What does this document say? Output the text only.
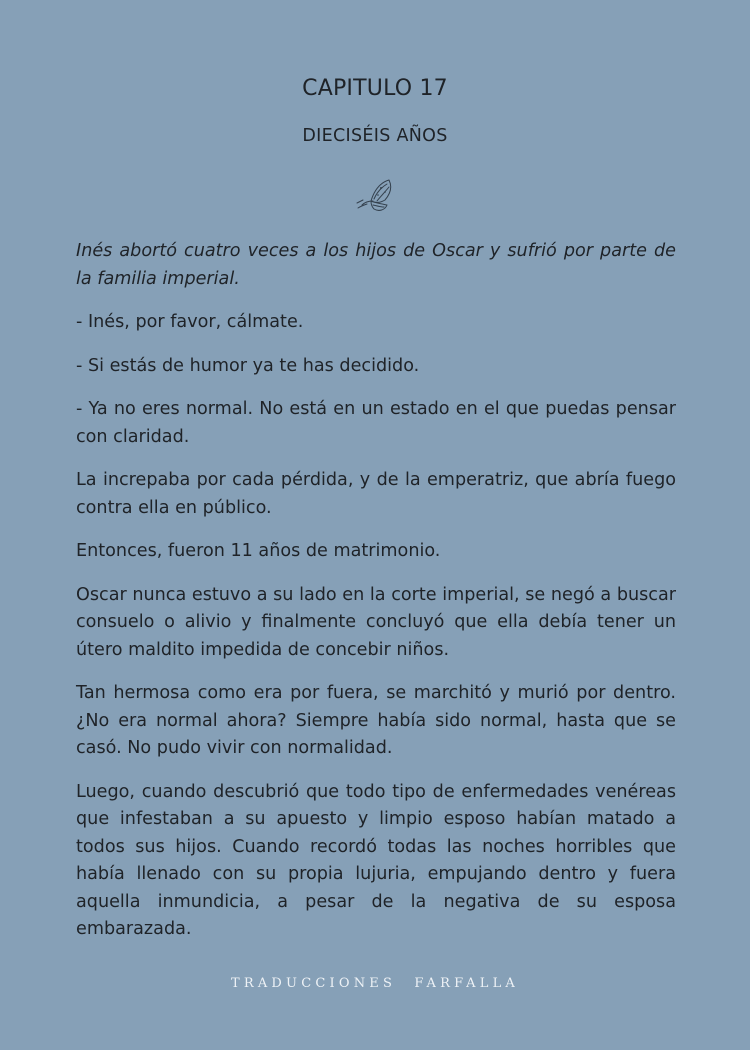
CAPITULO 17
DIECISÉIS AÑOS

Inés abortó cuatro veces a los hijos de Oscar y sufrió por parte de la familia imperial.

- Inés, por favor, cálmate.

- Si estás de humor ya te has decidido.

- Ya no eres normal. No está en un estado en el que puedas pensar con claridad.

La increpaba por cada pérdida, y de la emperatriz, que abría fuego contra ella en público.

Entonces, fueron 11 años de matrimonio.

Oscar nunca estuvo a su lado en la corte imperial, se negó a buscar consuelo o alivio y finalmente concluyó que ella debía tener un útero maldito impedida de concebir niños.

Tan hermosa como era por fuera, se marchitó y murió por dentro. ¿No era normal ahora? Siempre había sido normal, hasta que se casó. No pudo vivir con normalidad.

Luego, cuando descubrió que todo tipo de enfermedades venéreas que infestaban a su apuesto y limpio esposo habían matado a todos sus hijos. Cuando recordó todas las noches horribles que había llenado con su propia lujuria, empujando dentro y fuera aquella inmundicia, a pesar de la negativa de su esposa embarazada.

TRADUCCIONES FARFALLA
